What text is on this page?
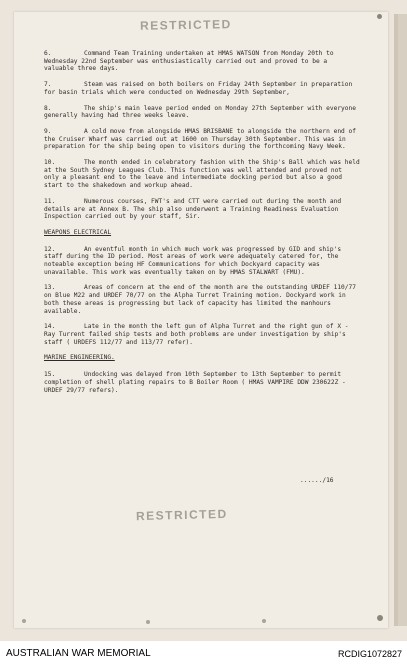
RESTRICTED
RESTRICTED
6.	Command Team Training undertaken at HMAS WATSON from Monday 20th to Wednesday 22nd September was enthusiastically carried out and proved to be a valuable three days.
7.	Steam was raised on both boilers on Friday 24th September in preparation for basin trials which were conducted on Wednesday 29th September,
8.	The ship's main leave period ended on Monday 27th September with everyone generally having had three weeks leave.
9.	A cold move from alongside HMAS BRISBANE to alongside the northern end of the Cruiser Wharf was carried out at 1600 on Thursday 30th September. This was in preparation for the ship being open to visitors during the forthcoming Navy Week.
10.	The month ended in celebratory fashion with the Ship's Ball which was held at the South Sydney Leagues Club. This function was well attended and proved not only a pleasant end to the leave and intermediate docking period but also a good start to the shakedown and workup ahead.
11.	Numerous courses, FWT's and CTT were carried out during the month and details are at Annex B. The ship also underwent a Training Readiness Evaluation Inspection carried out by your staff, Sir.
WEAPONS ELECTRICAL
12.	An eventful month in which much work was progressed by GID and ship's staff during the ID period. Most areas of work were adequately catered for, the noteable exception being HF Communications for which Dockyard capacity was unavailable. This work was eventually taken on by HMAS STALWART (FMU).
13.	Areas of concern at the end of the month are the outstanding URDEF 110/77 on Blue M22 and URDEF 70/77 on the Alpha Turret Training motion. Dockyard work in both these areas is progressing but lack of capacity has limited the manhours available.
14.	Late in the month the left gun of Alpha Turret and the right gun of X - Ray Turrent failed ship tests and both problems are under investigation by ship's staff ( URDEFS 112/77 and 113/77 refer).
MARINE ENGINEERING.
15.	Undocking was delayed from 10th September to 13th September to permit completion of shell plating repairs to B Boiler Room ( HMAS VAMPIRE DDW 230622Z - URDEF 29/77 refers).
....../16
AUSTRALIAN WAR MEMORIAL	RCDIG1072827
